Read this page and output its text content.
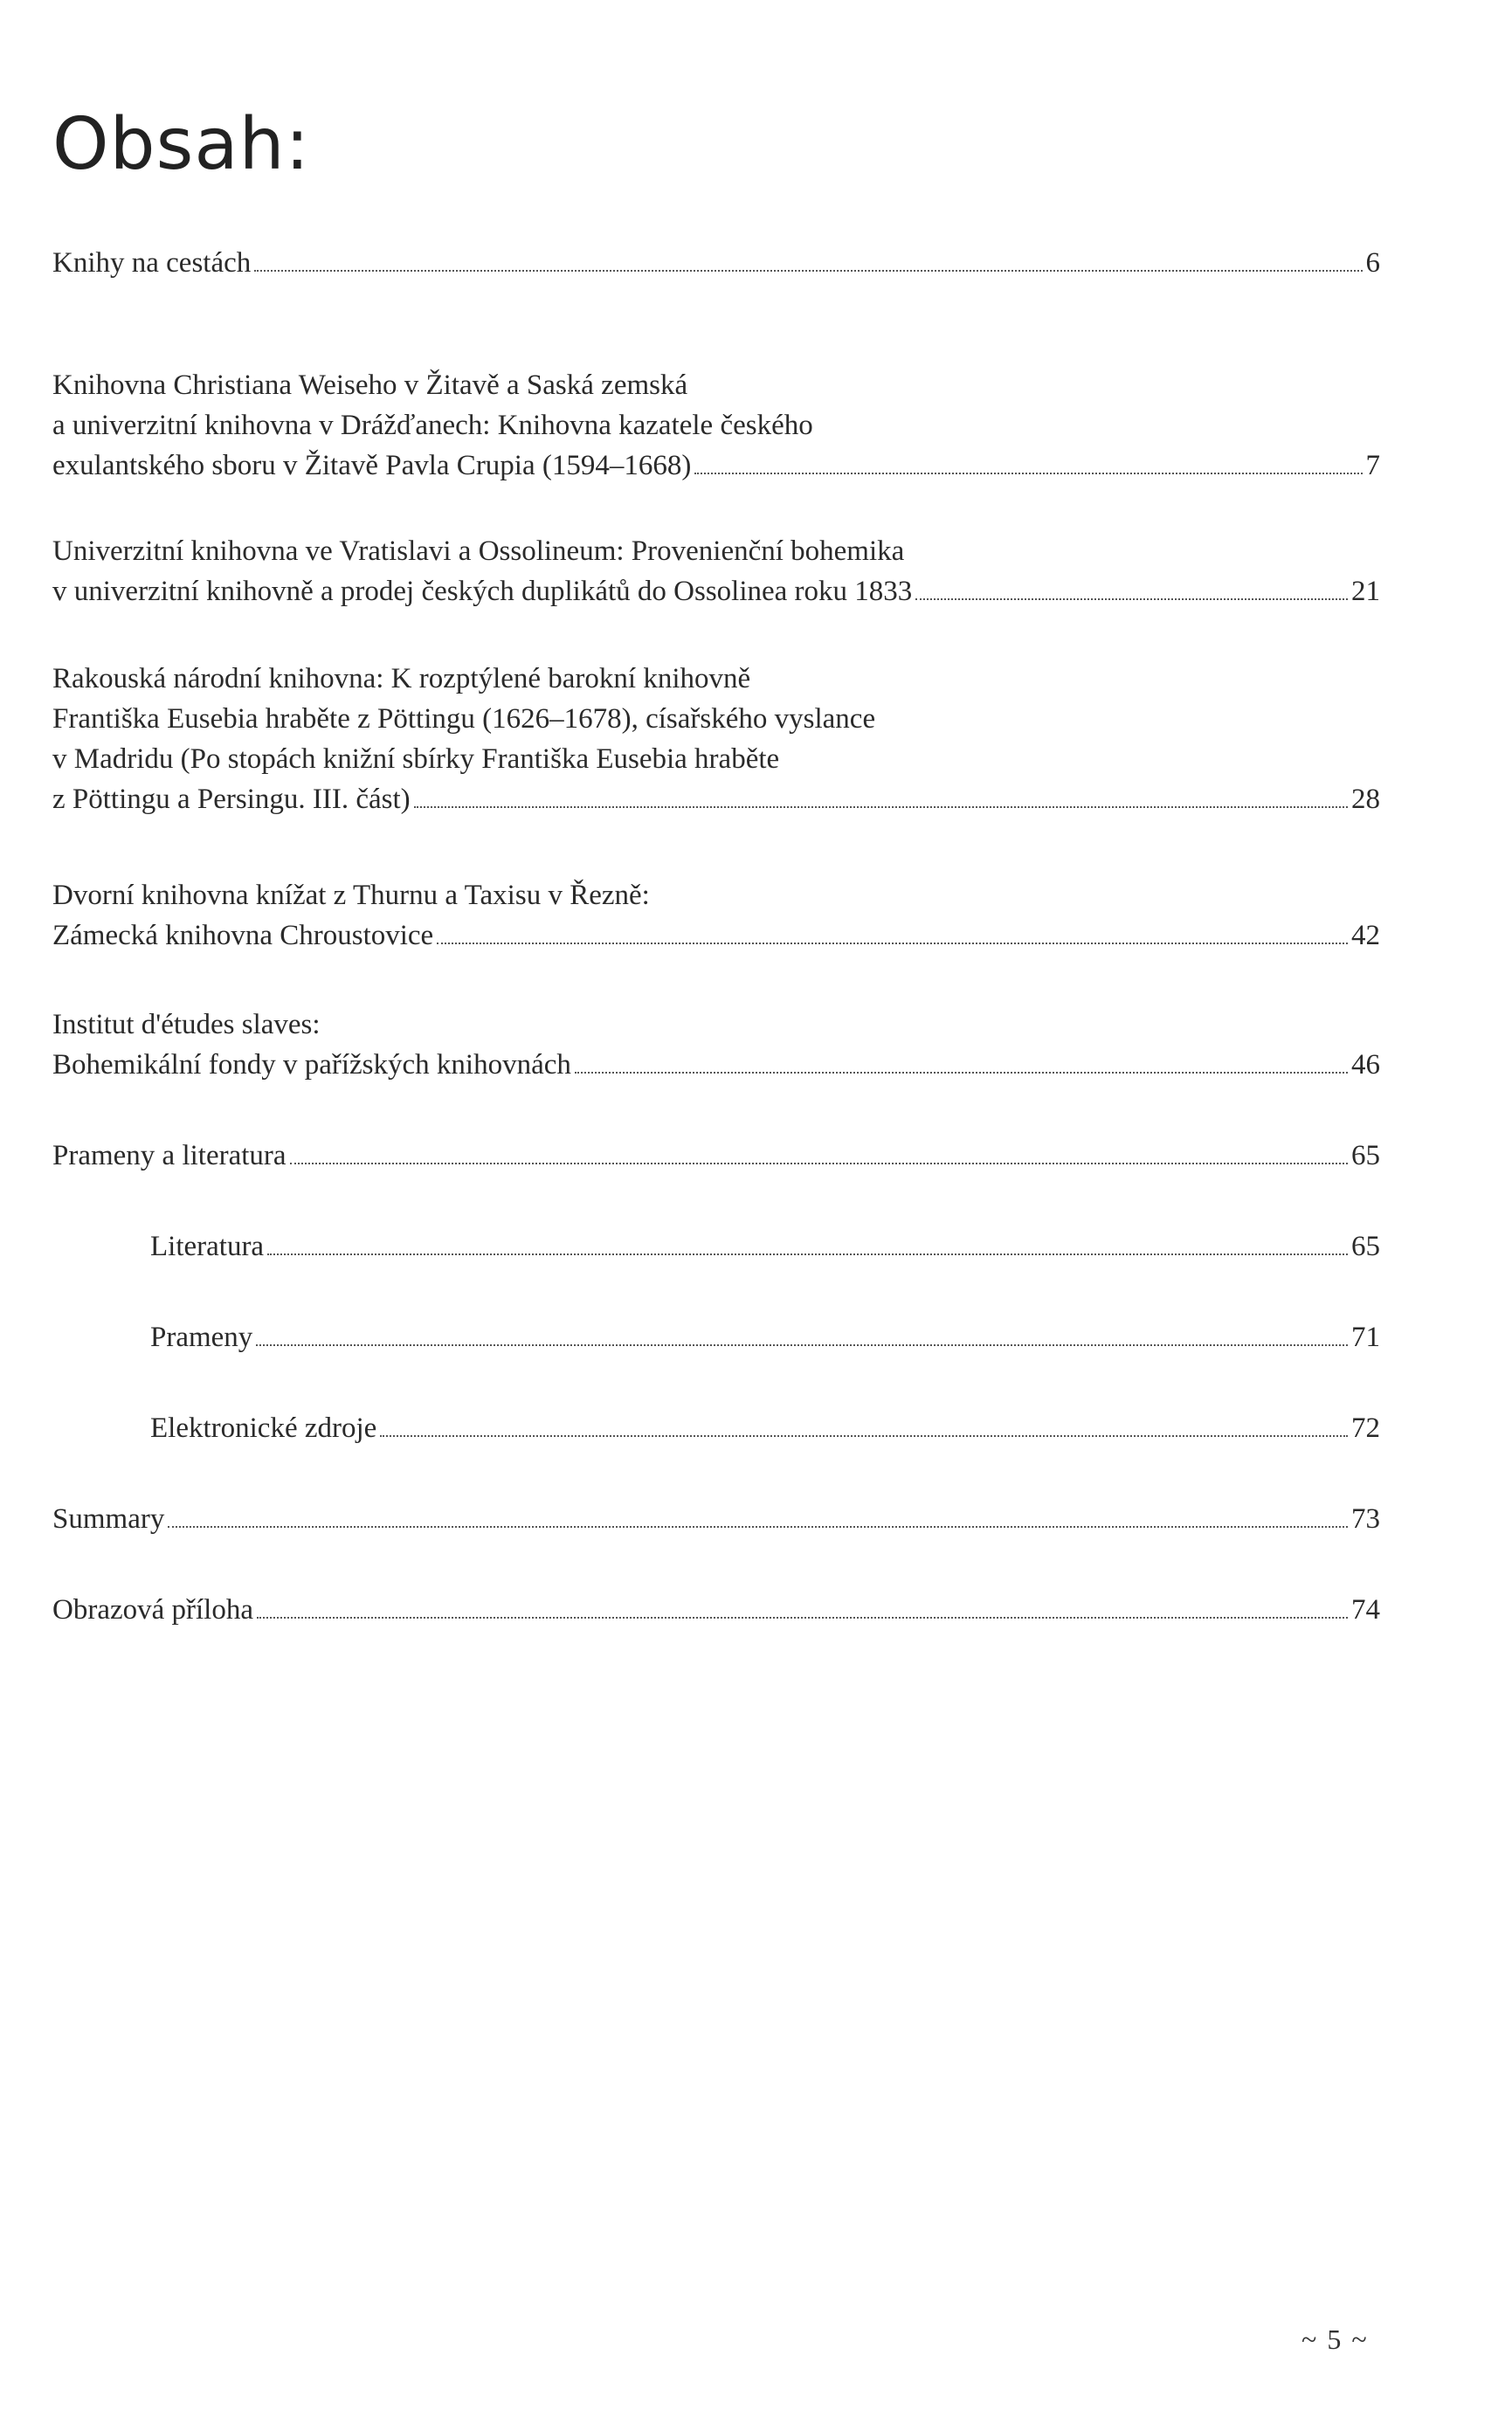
Obsah:
Knihy na cestách	6
Knihovna Christiana Weiseho v Žitavě a Saská zemská
a univerzitní knihovna v Drážďanech: Knihovna kazatele českého
exulantského sboru v Žitavě Pavla Crupia (1594–1668)	7
Univerzitní knihovna ve Vratislavi a Ossolineum: Provenienční bohemika
v univerzitní knihovně a prodej českých duplikátů do Ossolinea roku 1833	21
Rakouská národní knihovna: K rozptýlené barokní knihovně
Františka Eusebia hraběte z Pöttingu (1626–1678), císařského vyslance
v Madridu (Po stopách knižní sbírky Františka Eusebia hraběte
z Pöttingu a Persingu. III. část)	28
Dvorní knihovna knížat z Thurnu a Taxisu v Řezně:
Zámecká knihovna Chroustovice	42
Institut d'études slaves:
Bohemikální fondy v pařížských knihovnách	46
Prameny a literatura	65
Literatura	65
Prameny	71
Elektronické zdroje	72
Summary	73
Obrazová příloha	74
~ 5 ~
